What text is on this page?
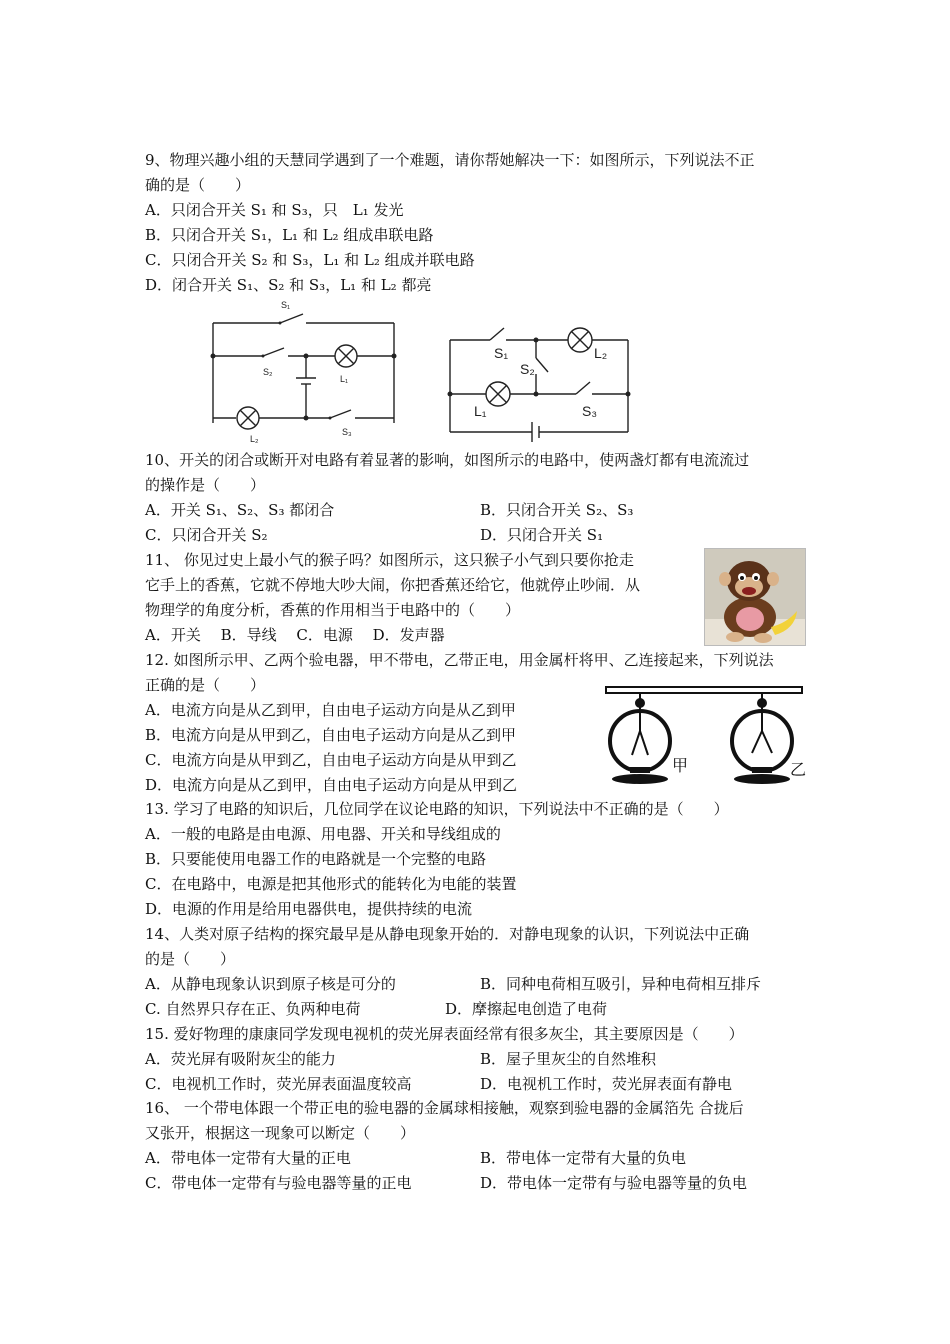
9、物理兴趣小组的天慧同学遇到了一个难题，请你帮她解决一下：如图所示，下列说法不正
确的是（　　）
A．只闭合开关 S₁ 和 S₃，只　L₁ 发光
B．只闭合开关 S₁，L₁ 和 L₂ 组成串联电路
C．只闭合开关 S₂ 和 S₃，L₁ 和 L₂ 组成并联电路
D．闭合开关 S₁、S₂ 和 S₃，L₁ 和 L₂ 都亮
S₁
S₂
L₁
L₂
S₃
S₁	L₂
S₂
L₁	S₃
10、开关的闭合或断开对电路有着显著的影响，如图所示的电路中，使两盏灯都有电流流过
的操作是（　　）
A．开关 S₁、S₂、S₃ 都闭合	B．只闭合开关 S₂、S₃
C．只闭合开关 S₂	D．只闭合开关 S₁
11、 你见过史上最小气的猴子吗？如图所示，这只猴子小气到只要你抢走
它手上的香蕉，它就不停地大吵大闹，你把香蕉还给它，他就停止吵闹．从
物理学的角度分析，香蕉的作用相当于电路中的（　　）
A．开关　 B．导线　 C．电源　 D．发声器
12. 如图所示甲、乙两个验电器，甲不带电，乙带正电，用金属杆将甲、乙连接起来，下列说法
正确的是（　　）
A．电流方向是从乙到甲，自由电子运动方向是从乙到甲
B．电流方向是从甲到乙，自由电子运动方向是从乙到甲
C．电流方向是从甲到乙，自由电子运动方向是从甲到乙
D．电流方向是从乙到甲，自由电子运动方向是从甲到乙
甲	乙
13. 学习了电路的知识后，几位同学在议论电路的知识，下列说法中不正确的是（　　）
A．一般的电路是由电源、用电器、开关和导线组成的
B．只要能使用电器工作的电路就是一个完整的电路
C．在电路中，电源是把其他形式的能转化为电能的装置
D．电源的作用是给用电器供电，提供持续的电流
14、人类对原子结构的探究最早是从静电现象开始的．对静电现象的认识，下列说法中正确
的是（　　）
A．从静电现象认识到原子核是可分的	B．同种电荷相互吸引，异种电荷相互排斥
C. 自然界只存在正、负两种电荷	D．摩擦起电创造了电荷
15. 爱好物理的康康同学发现电视机的荧光屏表面经常有很多灰尘，其主要原因是（　　）
A．荧光屏有吸附灰尘的能力	B．屋子里灰尘的自然堆积
C．电视机工作时，荧光屏表面温度较高	D．电视机工作时，荧光屏表面有静电
16、 一个带电体跟一个带正电的验电器的金属球相接触，观察到验电器的金属箔先 合拢后
又张开，根据这一现象可以断定（　　）
A．带电体一定带有大量的正电	B．带电体一定带有大量的负电
C．带电体一定带有与验电器等量的正电	D．带电体一定带有与验电器等量的负电
